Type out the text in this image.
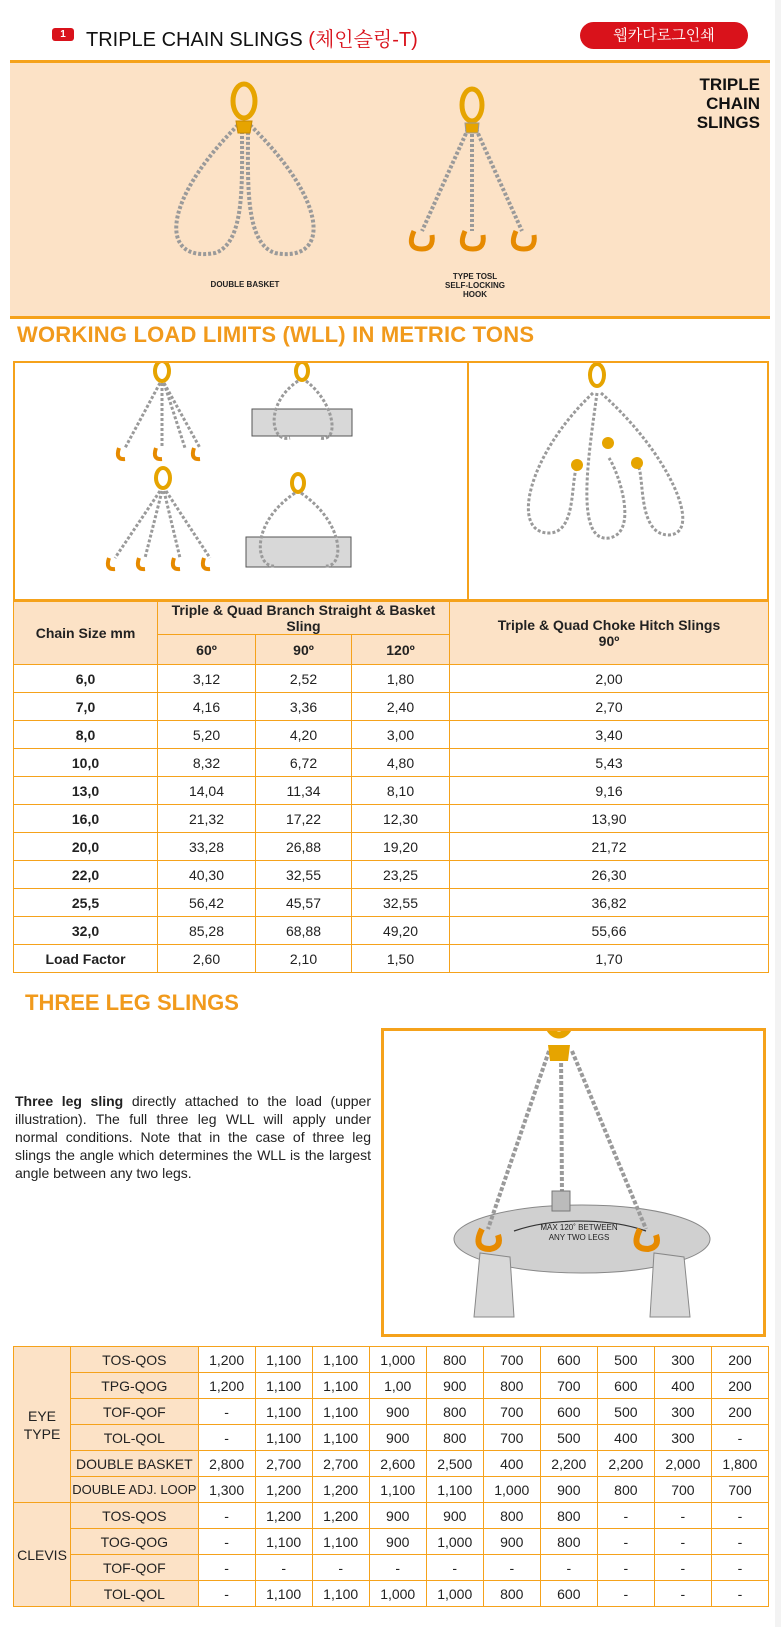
1	TRIPLE CHAIN SLINGS (체인슬링-T)	웹카다로그인쇄
TRIPLE
CHAIN
SLINGS
DOUBLE BASKET
TYPE TOSL
SELF-LOCKING
HOOK
WORKING LOAD LIMITS (WLL) IN METRIC TONS
Chain Size mm	Triple & Quad Branch Straight & Basket Sling			Triple & Quad Choke Hitch Slings
90º

	60º	90º	120º	
6,0	3,12	2,52	1,80	2,00
7,0	4,16	3,36	2,40	2,70
8,0	5,20	4,20	3,00	3,40
10,0	8,32	6,72	4,80	5,43
13,0	14,04	11,34	8,10	9,16
16,0	21,32	17,22	12,30	13,90
20,0	33,28	26,88	19,20	21,72
22,0	40,30	32,55	23,25	26,30
25,5	56,42	45,57	32,55	36,82
32,0	85,28	68,88	49,20	55,66
Load Factor	2,60	2,10	1,50	1,70
THREE LEG SLINGS
Three leg sling directly attached to the load (upper illustration). The full three leg WLL will apply under normal conditions. Note that in the case of three leg slings the angle which determines the WLL is the largest angle between any two legs.
MAX 120˚ BETWEEN
ANY TWO LEGS
EYE
TYPE	TOS-QOS	1,200	1,100	1,100	1,000	800	700	600	500	300	200
	TPG-QOG	1,200	1,100	1,100	1,00	900	800	700	600	400	200
	TOF-QOF	-	1,100	1,100	900	800	700	600	500	300	200
	TOL-QOL	-	1,100	1,100	900	800	700	500	400	300	-
	DOUBLE BASKET	2,800	2,700	2,700	2,600	2,500	400	2,200	2,200	2,000	1,800
	DOUBLE ADJ. LOOP	1,300	1,200	1,200	1,100	1,100	1,000	900	800	700	700

CLEVIS	TOS-QOS	-	1,200	1,200	900	900	800	800	-	-	-
	TOG-QOG	-	1,100	1,100	900	1,000	900	800	-	-	-
	TOF-QOF	-	-	-	-	-	-	-	-	-	-
	TOL-QOL	-	1,100	1,100	1,000	1,000	800	600	-	-	-
